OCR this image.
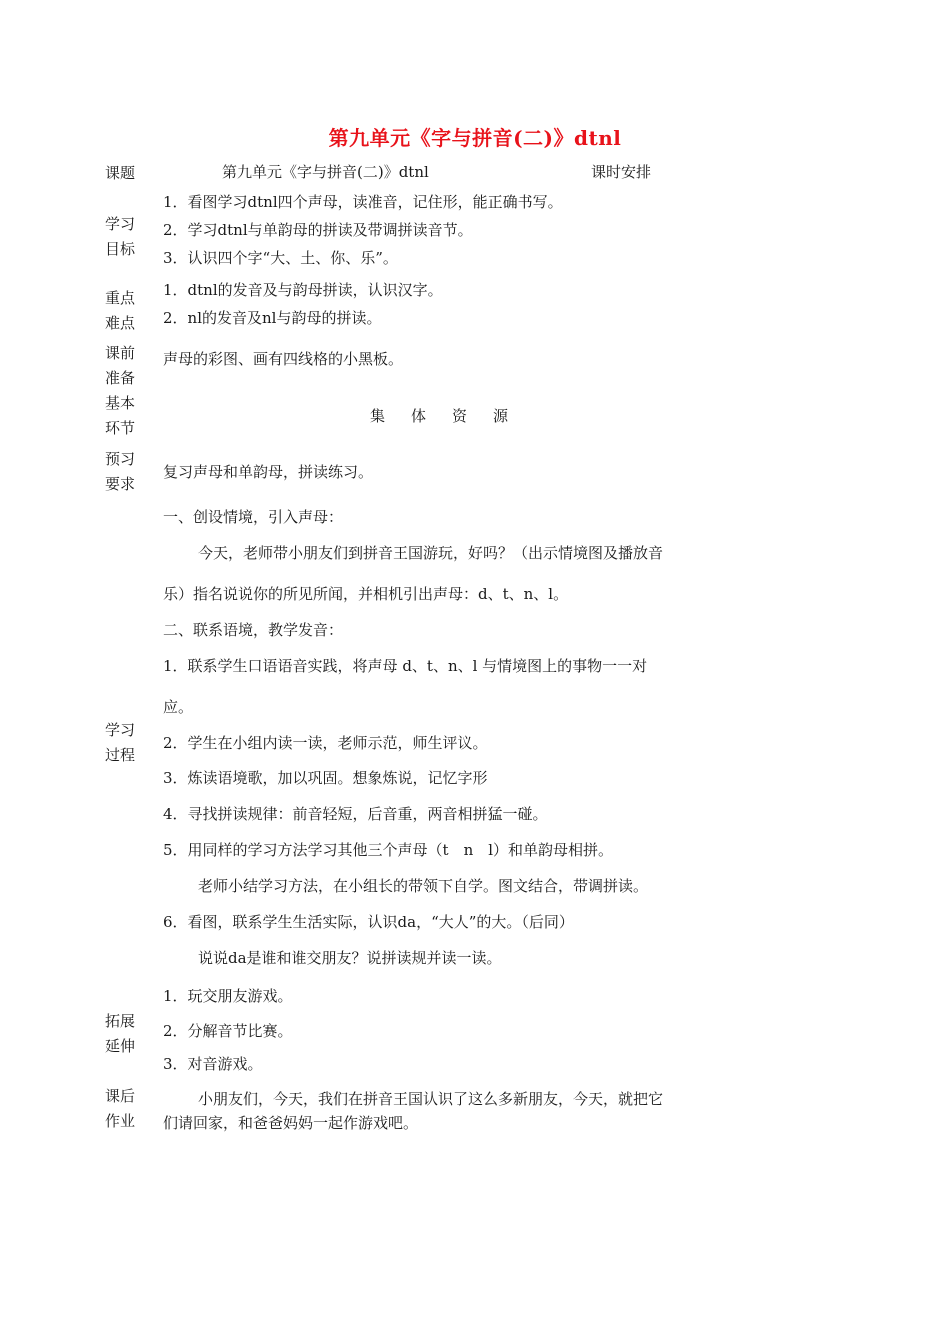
第九单元《字与拼音(二)》dtnl
课题	第九单元《字与拼音(二)》dtnl	课时安排
学习
目标
1．看图学习dtnl四个声母，读准音，记住形，能正确书写。
2．学习dtnl与单韵母的拼读及带调拼读音节。
3．认识四个字“大、土、你、乐”。
重点
难点
1．dtnl的发音及与韵母拼读，认识汉字。
2．nl的发音及nl与韵母的拼读。
课前
准备
声母的彩图、画有四线格的小黑板。
基本
环节
集体资源
预习
要求
复习声母和单韵母，拼读练习。
学习
过程
一、创设情境，引入声母：
今天，老师带小朋友们到拼音王国游玩，好吗？（出示情境图及播放音
乐）指名说说你的所见所闻，并相机引出声母：d、t、n、l。
二、联系语境，教学发音：
1．联系学生口语语音实践，将声母 d、t、n、l 与情境图上的事物一一对
应。
2．学生在小组内读一读，老师示范，师生评议。
3．炼读语境歌，加以巩固。想象炼说，记忆字形
4．寻找拼读规律：前音轻短，后音重，两音相拼猛一碰。
5．用同样的学习方法学习其他三个声母（t　n　l）和单韵母相拼。
老师小结学习方法，在小组长的带领下自学。图文结合，带调拼读。
6．看图，联系学生生活实际，认识da，“大人”的大。（后同）
说说da是谁和谁交朋友？说拼读规并读一读。
拓展
延伸
1．玩交朋友游戏。
2．分解音节比赛。
3．对音游戏。
课后
作业
小朋友们，今天，我们在拼音王国认识了这么多新朋友，今天，就把它
们请回家，和爸爸妈妈一起作游戏吧。
